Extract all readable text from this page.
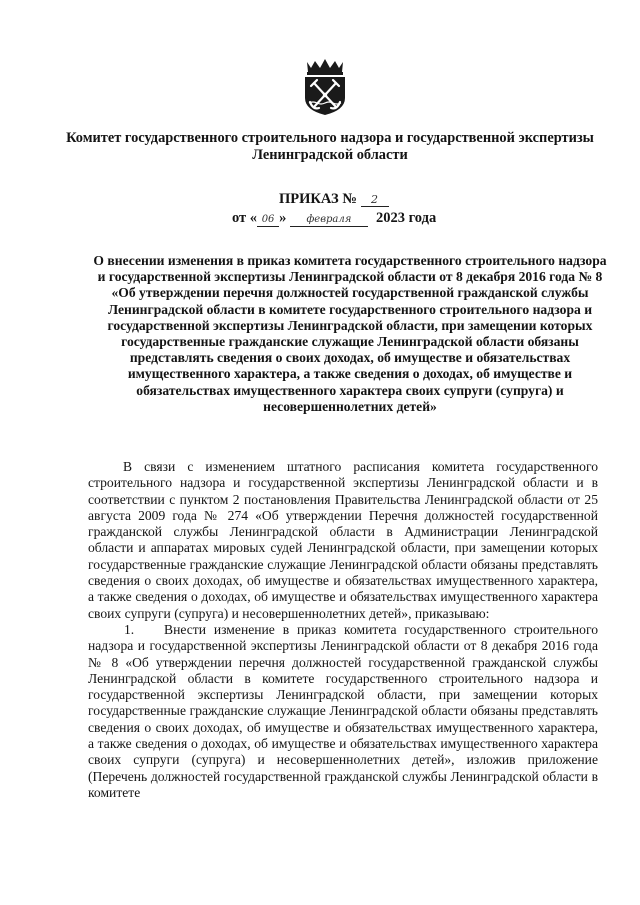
Комитет государственного строительного надзора и государственной экспертизы Ленинградской области
ПРИКАЗ № 2
от « 06 » февраля 2023 года
О внесении изменения в приказ комитета государственного строительного надзора и государственной экспертизы Ленинградской области от 8 декабря 2016 года № 8 «Об утверждении перечня должностей государственной гражданской службы Ленинградской области в комитете государственного строительного надзора и государственной экспертизы Ленинградской области, при замещении которых государственные гражданские служащие Ленинградской области обязаны представлять сведения о своих доходах, об имуществе и обязательствах имущественного характера, а также сведения о доходах, об имуществе и обязательствах имущественного характера своих супруги (супруга) и несовершеннолетних детей»

В связи с изменением штатного расписания комитета государственного строительного надзора и государственной экспертизы Ленинградской области и в соответствии с пунктом 2 постановления Правительства Ленинградской области от 25 августа 2009 года № 274 «Об утверждении Перечня должностей государственной гражданской службы Ленинградской области в Администрации Ленинградской области и аппаратах мировых судей Ленинградской области, при замещении которых государственные гражданские служащие Ленинградской области обязаны представлять сведения о своих доходах, об имуществе и обязательствах имущественного характера, а также сведения о доходах, об имуществе и обязательствах имущественного характера своих супруги (супруга) и несовершеннолетних детей», приказываю:

1. Внести изменение в приказ комитета государственного строительного надзора и государственной экспертизы Ленинградской области от 8 декабря 2016 года № 8 «Об утверждении перечня должностей государственной гражданской службы Ленинградской области в комитете государственного строительного надзора и государственной экспертизы Ленинградской области, при замещении которых государственные гражданские служащие Ленинградской области обязаны представлять сведения о своих доходах, об имуществе и обязательствах имущественного характера, а также сведения о доходах, об имуществе и обязательствах имущественного характера своих супруги (супруга) и несовершеннолетних детей», изложив приложение (Перечень должностей государственной гражданской службы Ленинградской области в комитете
